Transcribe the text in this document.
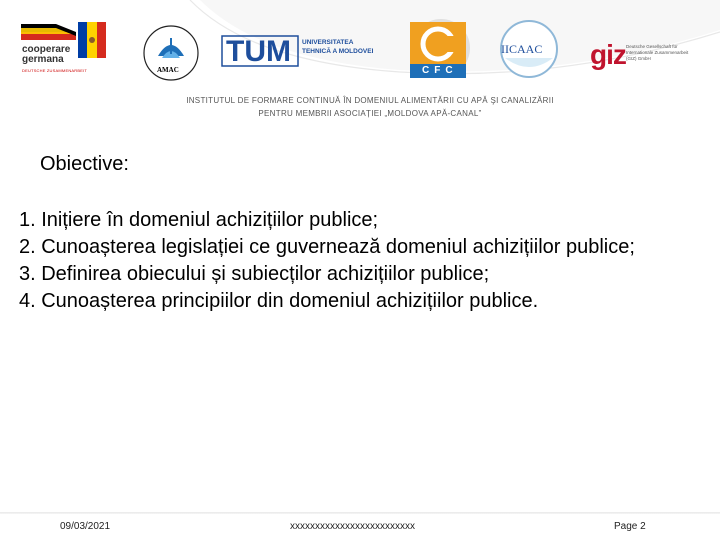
cooperare germana
DEUTSCHE ZUSAMMENARBEIT	AMAC
TUM UNIVERSITATEA TEHNICĂ A MOLDOVEI
CFC
IICAAC giz Deutsche Gesellschaft für Internationale Zusammenarbeit (GIZ) GmbH
INSTITUTUL DE FORMARE CONTINUĂ ÎN DOMENIUL ALIMENTĂRII CU APĂ ŞI CANALIZĂRII
PENTRU MEMBRII ASOCIAȚIEI „MOLDOVA APĂ-CANAL”
Obiective:
1. Inițiere în domeniul achizițiilor publice;
2. Cunoașterea legislației ce guvernează domeniul achizițiilor publice;
3. Definirea obiecului și subiecților achizițiilor publice;
4. Cunoașterea principiilor din domeniul achizițiilor publice.
09/03/2021	xxxxxxxxxxxxxxxxxxxxxxxxx	Page 2
